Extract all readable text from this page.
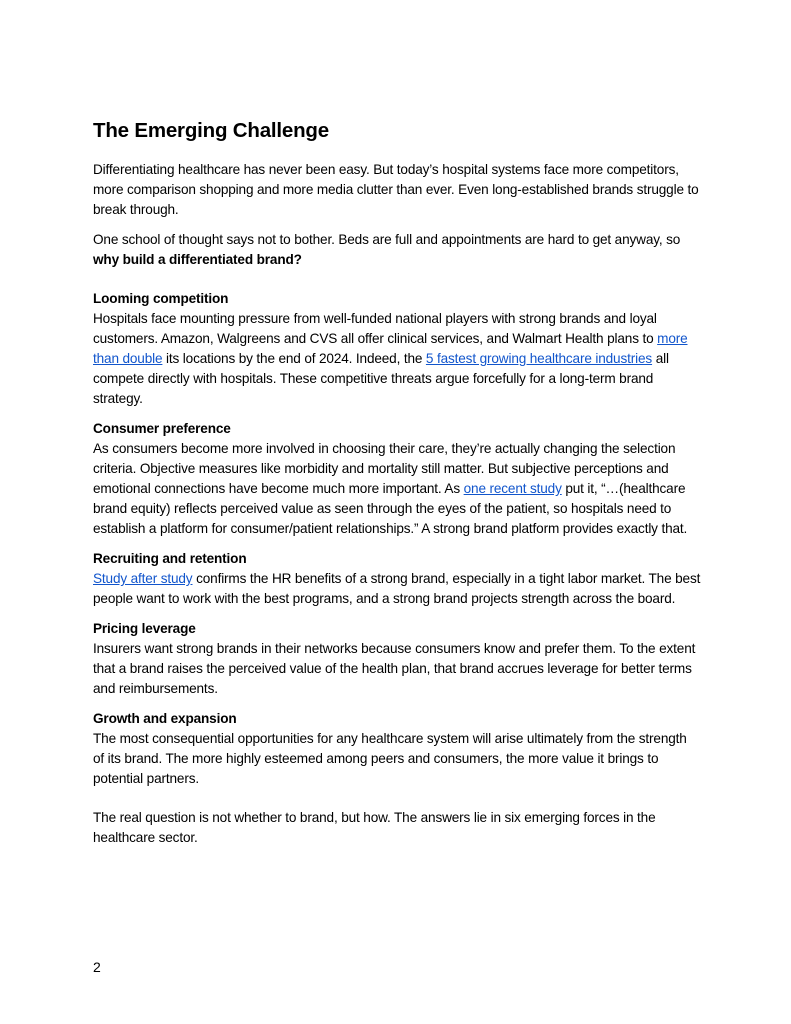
The Emerging Challenge
Differentiating healthcare has never been easy. But today’s hospital systems face more competitors,
more comparison shopping and more media clutter than ever. Even long-established brands struggle to
break through.
One school of thought says not to bother. Beds are full and appointments are hard to get anyway, so
why build a differentiated brand?
Looming competition
Hospitals face mounting pressure from well-funded national players with strong brands and loyal
customers. Amazon, Walgreens and CVS all offer clinical services, and Walmart Health plans to more
than double its locations by the end of 2024. Indeed, the 5 fastest growing healthcare industries all
compete directly with hospitals. These competitive threats argue forcefully for a long-term brand
strategy.
Consumer preference
As consumers become more involved in choosing their care, they’re actually changing the selection
criteria. Objective measures like morbidity and mortality still matter. But subjective perceptions and
emotional connections have become much more important. As one recent study put it, “…(healthcare
brand equity) reflects perceived value as seen through the eyes of the patient, so hospitals need to
establish a platform for consumer/patient relationships.” A strong brand platform provides exactly that.
Recruiting and retention
Study after study confirms the HR benefits of a strong brand, especially in a tight labor market. The best
people want to work with the best programs, and a strong brand projects strength across the board.
Pricing leverage
Insurers want strong brands in their networks because consumers know and prefer them. To the extent
that a brand raises the perceived value of the health plan, that brand accrues leverage for better terms
and reimbursements.
Growth and expansion
The most consequential opportunities for any healthcare system will arise ultimately from the strength
of its brand. The more highly esteemed among peers and consumers, the more value it brings to
potential partners.
The real question is not whether to brand, but how. The answers lie in six emerging forces in the
healthcare sector.
2
